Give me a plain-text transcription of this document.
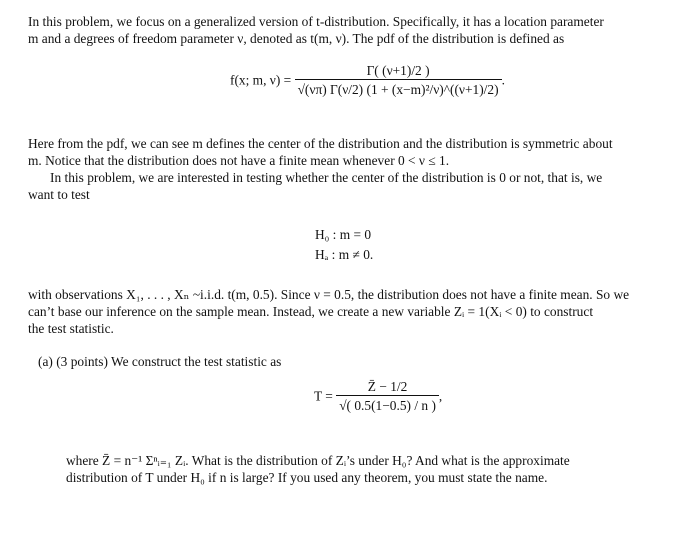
In this problem, we focus on a generalized version of t-distribution. Specifically, it has a location parameter
m and a degrees of freedom parameter ν, denoted as t(m, ν). The pdf of the distribution is defined as

f(x; m, $\nu) = \frac{\Gamma( (\nu+1)/2 )}{\text{√(νπ) Γ(ν/2) (1 + (x−m)²/ν)\textasciicircum{}((ν+1)/2)}}$ .

Here from the pdf, we can see m defines the center of the distribution and the distribution is symmetric about
m. Notice that the distribution does not have a finite mean whenever 0 < ν ≤ 1.
In this problem, we are interested in testing whether the center of the distribution is 0 or not, that is, we
want to test

H₀ : m = 0
Hₐ : m ≠ 0.

with observations X₁, . . . , Xₙ ~i.i.d. t(m, 0.5). Since ν = 0.5, the distribution does not have a finite mean. So we
can’t base our inference on the sample mean. Instead, we create a new variable Zᵢ = 1(Xᵢ < 0) to construct
the test statistic.

(a) (3 points) We construct the test statistic as

$T = \frac{Z̄ - 1/2}{√( 0.5(1-0.5) / n )}$ ,

where Z̄ = n⁻¹ Σⁿᵢ₌₁ Zᵢ. What is the distribution of Zᵢ’s under H₀? And what is the approximate
distribution of T under H₀ if n is large? If you used any theorem, you must state the name.
